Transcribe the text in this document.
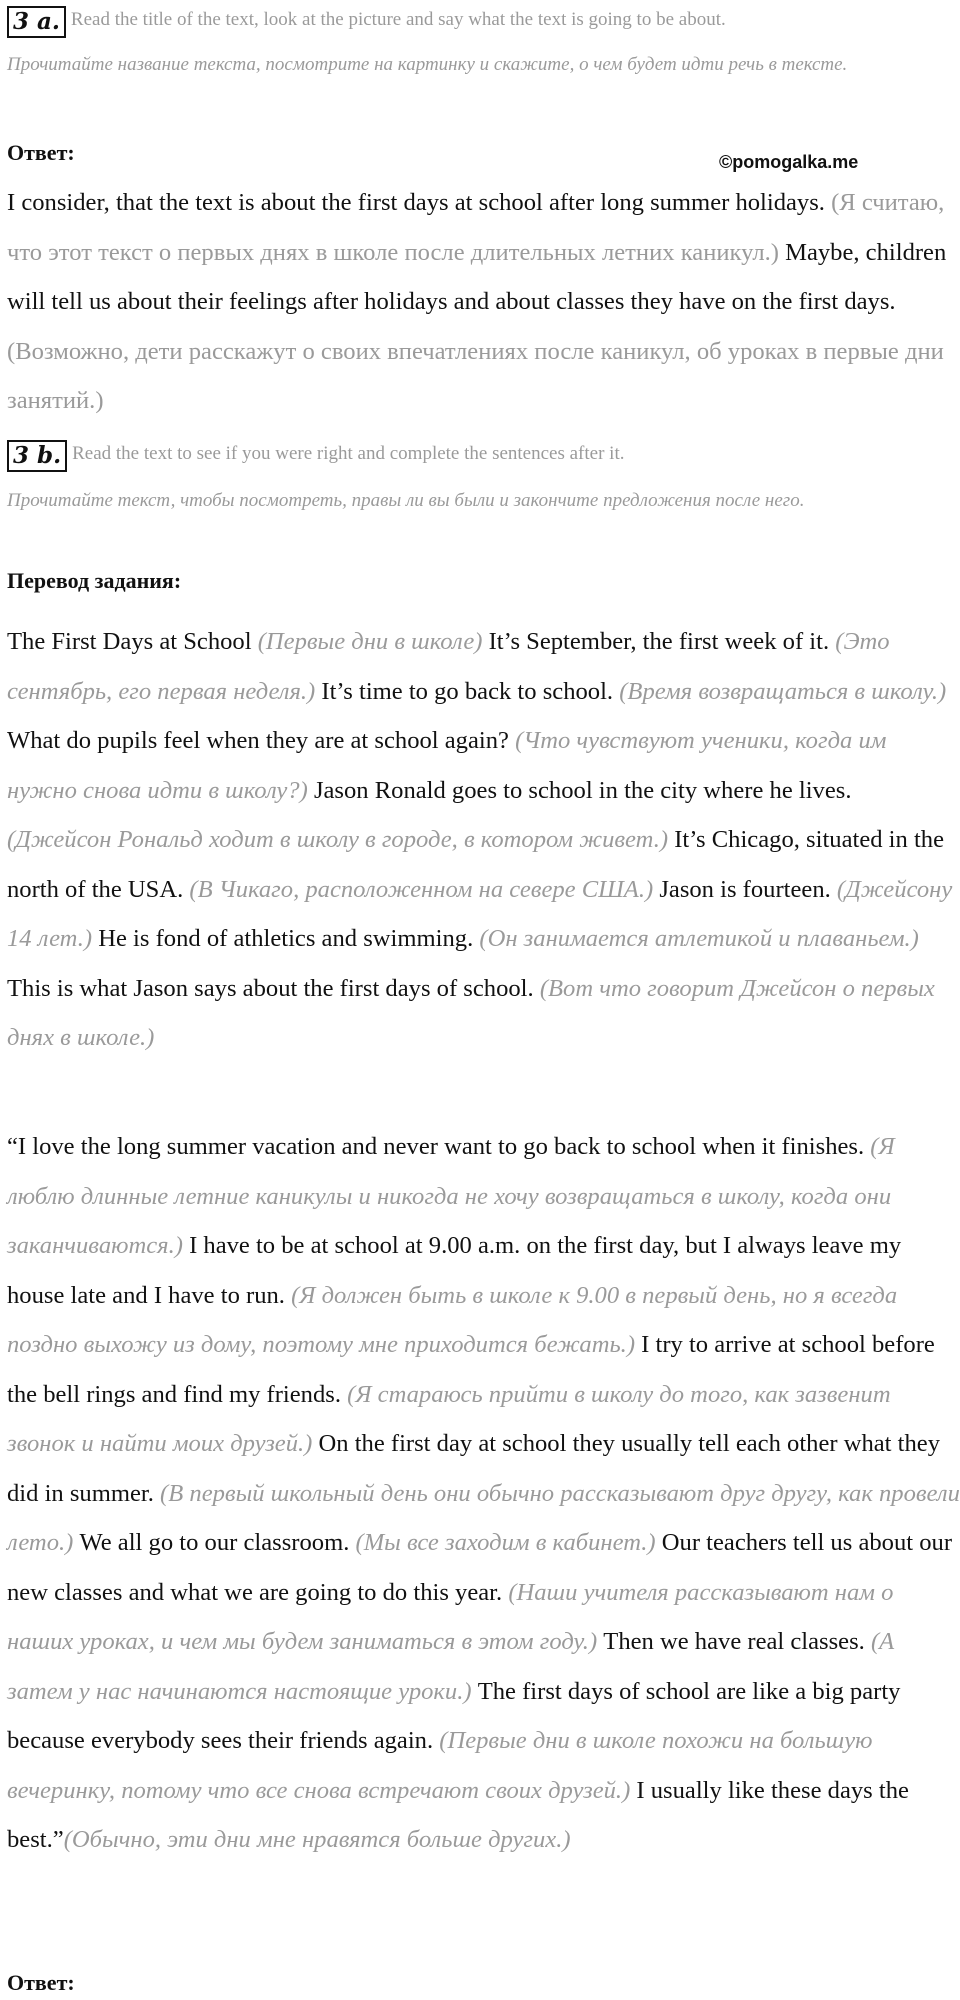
3 a. Read the title of the text, look at the picture and say what the text is going to be about.
Прочитайте название текста, посмотрите на картинку и скажите, о чем будет идти речь в тексте.
Ответ:	©pomogalka.me
I consider, that the text is about the first days at school after long summer holidays. (Я считаю, что этот текст о первых днях в школе после длительных летних каникул.) Maybe, children will tell us about their feelings after holidays and about classes they have on the first days. (Возможно, дети расскажут о своих впечатлениях после каникул, об уроках в первые дни занятий.)
3 b. Read the text to see if you were right and complete the sentences after it.
Прочитайте текст, чтобы посмотреть, правы ли вы были и закончите предложения после него.
Перевод задания:
The First Days at School (Первые дни в школе) It’s September, the first week of it. (Это сентябрь, его первая неделя.) It’s time to go back to school. (Время возвращаться в школу.) What do pupils feel when they are at school again? (Что чувствуют ученики, когда им нужно снова идти в школу?) Jason Ronald goes to school in the city where he lives. (Джейсон Рональд ходит в школу в городе, в котором живет.) It’s Chicago, situated in the north of the USA. (В Чикаго, расположенном на севере США.) Jason is fourteen. (Джейсону 14 лет.) He is fond of athletics and swimming. (Он занимается атлетикой и плаваньем.) This is what Jason says about the first days of school. (Вот что говорит Джейсон о первых днях в школе.)
“I love the long summer vacation and never want to go back to school when it finishes. (Я люблю длинные летние каникулы и никогда не хочу возвращаться в школу, когда они заканчиваются.) I have to be at school at 9.00 a.m. on the first day, but I always leave my house late and I have to run. (Я должен быть в школе к 9.00 в первый день, но я всегда поздно выхожу из дому, поэтому мне приходится бежать.) I try to arrive at school before the bell rings and find my friends. (Я стараюсь прийти в школу до того, как зазвенит звонок и найти моих друзей.) On the first day at school they usually tell each other what they did in summer. (В первый школьный день они обычно рассказывают друг другу, как провели лето.) We all go to our classroom. (Мы все заходим в кабинет.) Our teachers tell us about our new classes and what we are going to do this year. (Наши учителя рассказывают нам о наших уроках, и чем мы будем заниматься в этом году.) Then we have real classes. (А затем у нас начинаются настоящие уроки.) The first days of school are like a big party because everybody sees their friends again. (Первые дни в школе похожи на большую вечеринку, потому что все снова встречают своих друзей.) I usually like these days the best.”(Обычно, эти дни мне нравятся больше других.)
Ответ:
